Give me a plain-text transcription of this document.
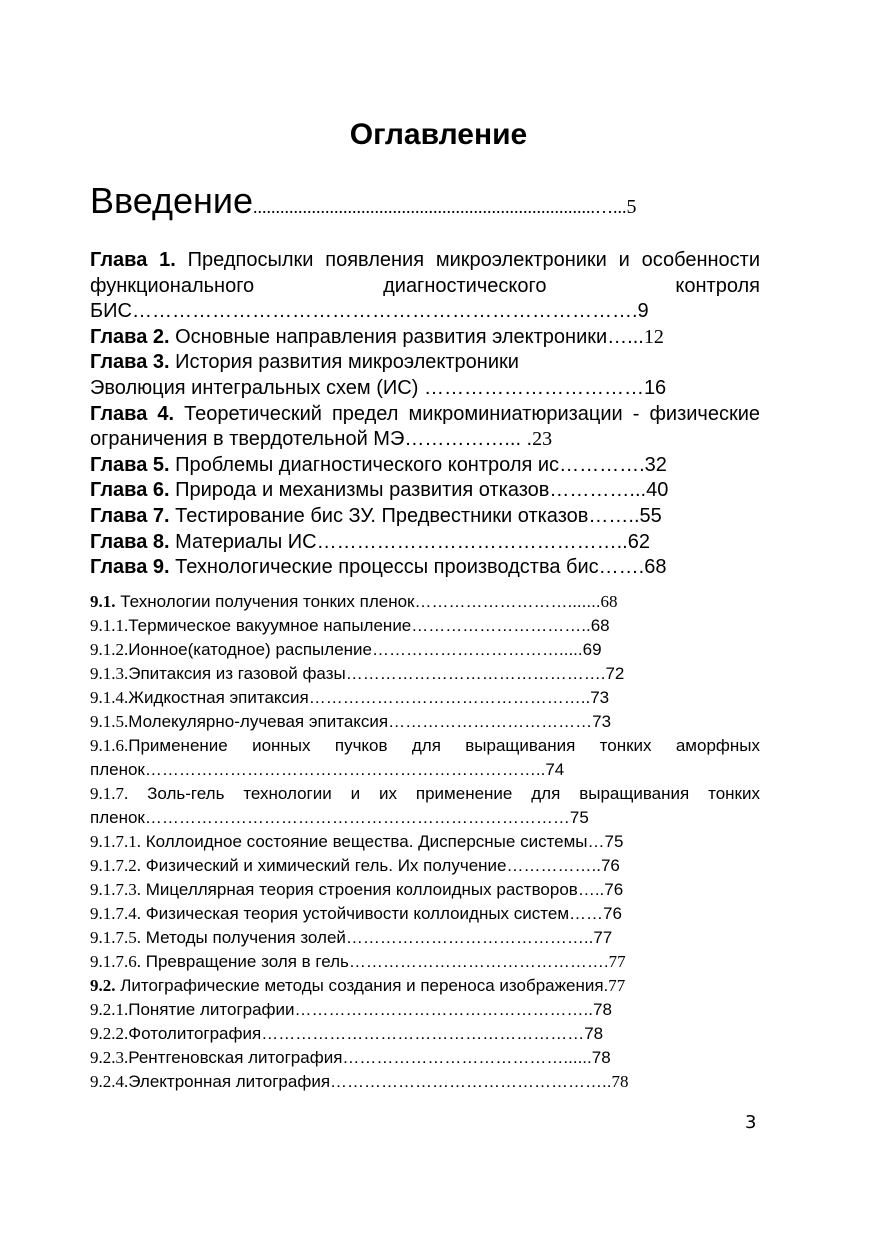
Оглавление
Введение............................................................................…...5

Глава 1. Предпосылки появления микроэлектроники и особенности функционального диагностического контроля БИС………………………………………………………………….9

Глава 2. Основные направления развития электроники…...12

Глава 3. История развития микроэлектроники
Эволюция интегральных схем (ИС) ……………………………16

Глава 4. Теоретический предел микроминиатюризации - физические ограничения в твердотельной МЭ……………... .23

Глава 5. Проблемы диагностического контроля ис………….32

Глава 6. Природа и механизмы развития отказов…………...40

Глава 7. Тестирование бис ЗУ. Предвестники отказов……..55

Глава 8. Материалы ИС………………………………………..62

Глава 9. Технологические процессы производства бис…….68

9.1. Технологии получения тонких пленок……………………….......68

9.1.1.Термическое вакуумное напыление…………………………..68

9.1.2.Ионное(катодное) распыление…………………………….....69

9.1.3.Эпитаксия из газовой фазы……………………………………….72

9.1.4.Жидкостная эпитаксия…………………………………………..73

9.1.5.Молекулярно-лучевая эпитаксия………………………………73

9.1.6.Применение ионных пучков для выращивания тонких аморфных пленок……………………………………………………………..74

9.1.7. Золь-гель технологии и их применение для выращивания тонких пленок…………………………………………………………………75

9.1.7.1. Коллоидное состояние вещества. Дисперсные системы…75

9.1.7.2. Физический и химический гель. Их получение……………..76

9.1.7.3. Мицеллярная теория строения коллоидных растворов…..76

9.1.7.4. Физическая теория устойчивости коллоидных систем……76

9.1.7.5. Методы получения золей……………………………………..77

9.1.7.6. Превращение золя в гель……………………………………….77

9.2. Литографические методы создания и переноса изображения.77

9.2.1.Понятие литографии……………………………………………..78

9.2.2.Фотолитография…………………………………………………78

9.2.3.Рентгеновская литография…………………………………......78

9.2.4.Электронная литография…………………………………………..78

3
